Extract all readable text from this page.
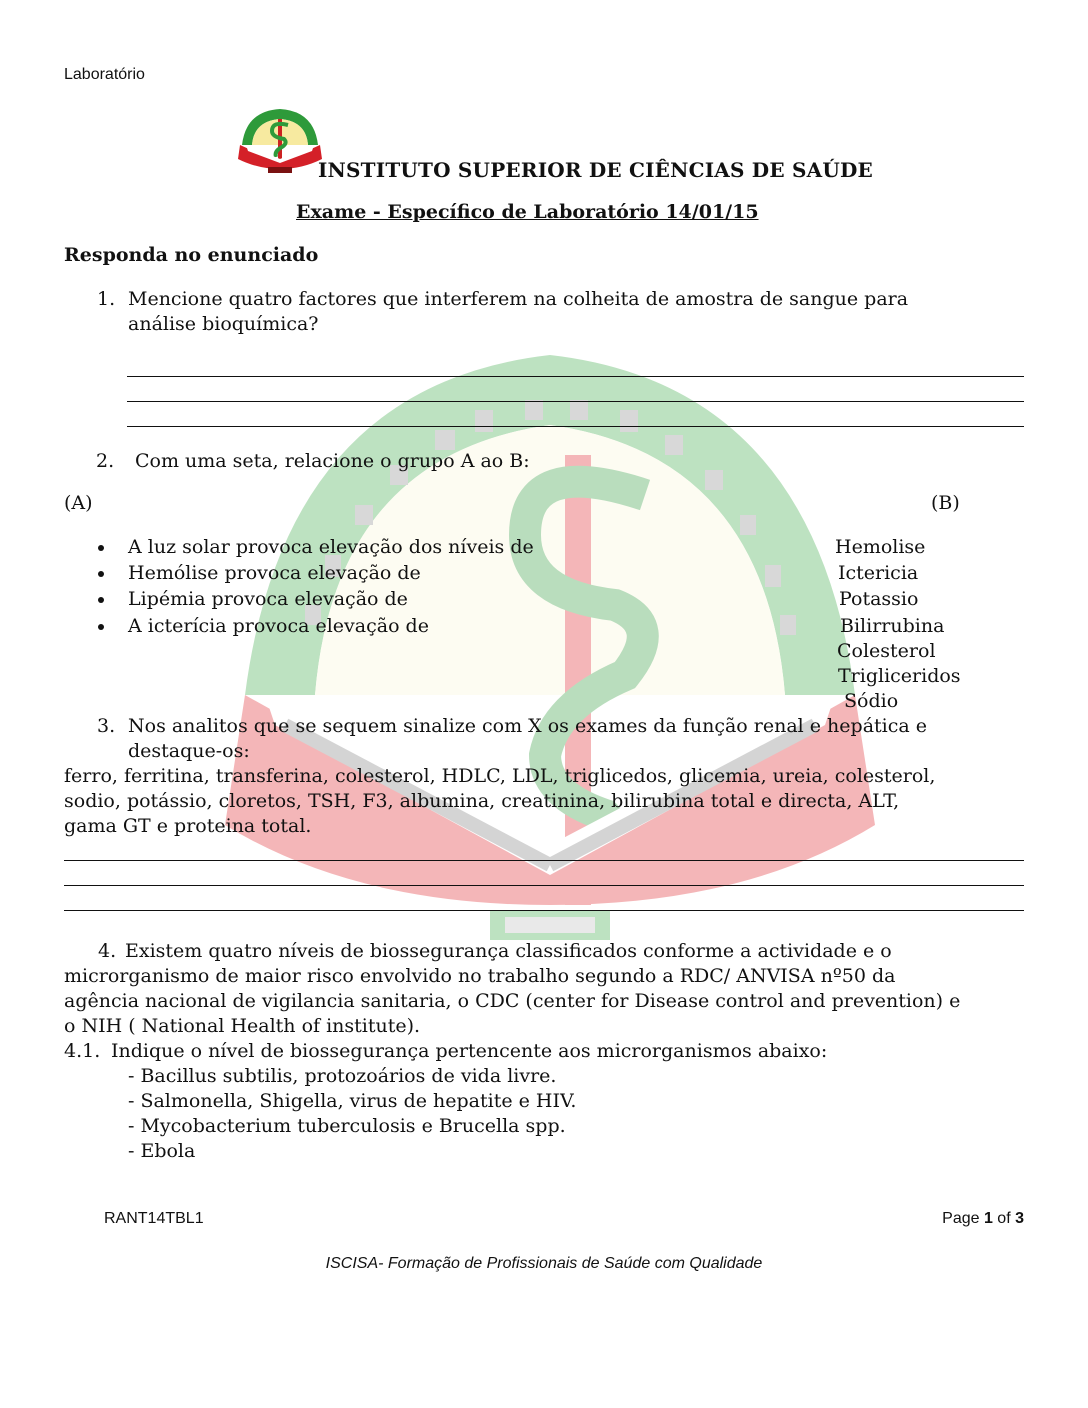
Laboratório
INSTITUTO SUPERIOR DE CIÊNCIAS DE SAÚDE
Exame - Específico de Laboratório 14/01/15
Responda no enunciado
1. Mencione quatro factores que interferem na colheita de amostra de sangue para
análise bioquímica?
2. Com uma seta, relacione o grupo A ao B:
(A)	(B)
A luz solar provoca elevação dos níveis de
Hemólise provoca elevação de
Lipémia provoca elevação de
A icterícia provoca elevação de
Hemolise
Ictericia
Potassio
Bilirrubina
Colesterol
Trigliceridos
Sódio
3. Nos analitos que se sequem sinalize com X os exames da função renal e hepática e
destaque-os:
ferro, ferritina, transferina, colesterol, HDLC, LDL, triglicedos, glicemia, ureia, colesterol,
sodio, potássio, cloretos, TSH, F3, albumina, creatinina, bilirubina total e directa, ALT,
gama GT e proteina total.
4. Existem quatro níveis de biossegurança classificados conforme a actividade e o
microrganismo de maior risco envolvido no trabalho segundo a RDC/ ANVISA nº50 da
agência nacional de vigilancia sanitaria, o CDC (center for Disease control and prevention) e
o NIH ( National Health of institute).
4.1. Indique o nível de biossegurança pertencente aos microrganismos abaixo:
- Bacillus subtilis, protozoários de vida livre.
- Salmonella, Shigella, virus de hepatite e HIV.
- Mycobacterium tuberculosis e Brucella spp.
- Ebola
RANT14TBL1	Page 1 of 3
ISCISA- Formação de Profissionais de Saúde com Qualidade
